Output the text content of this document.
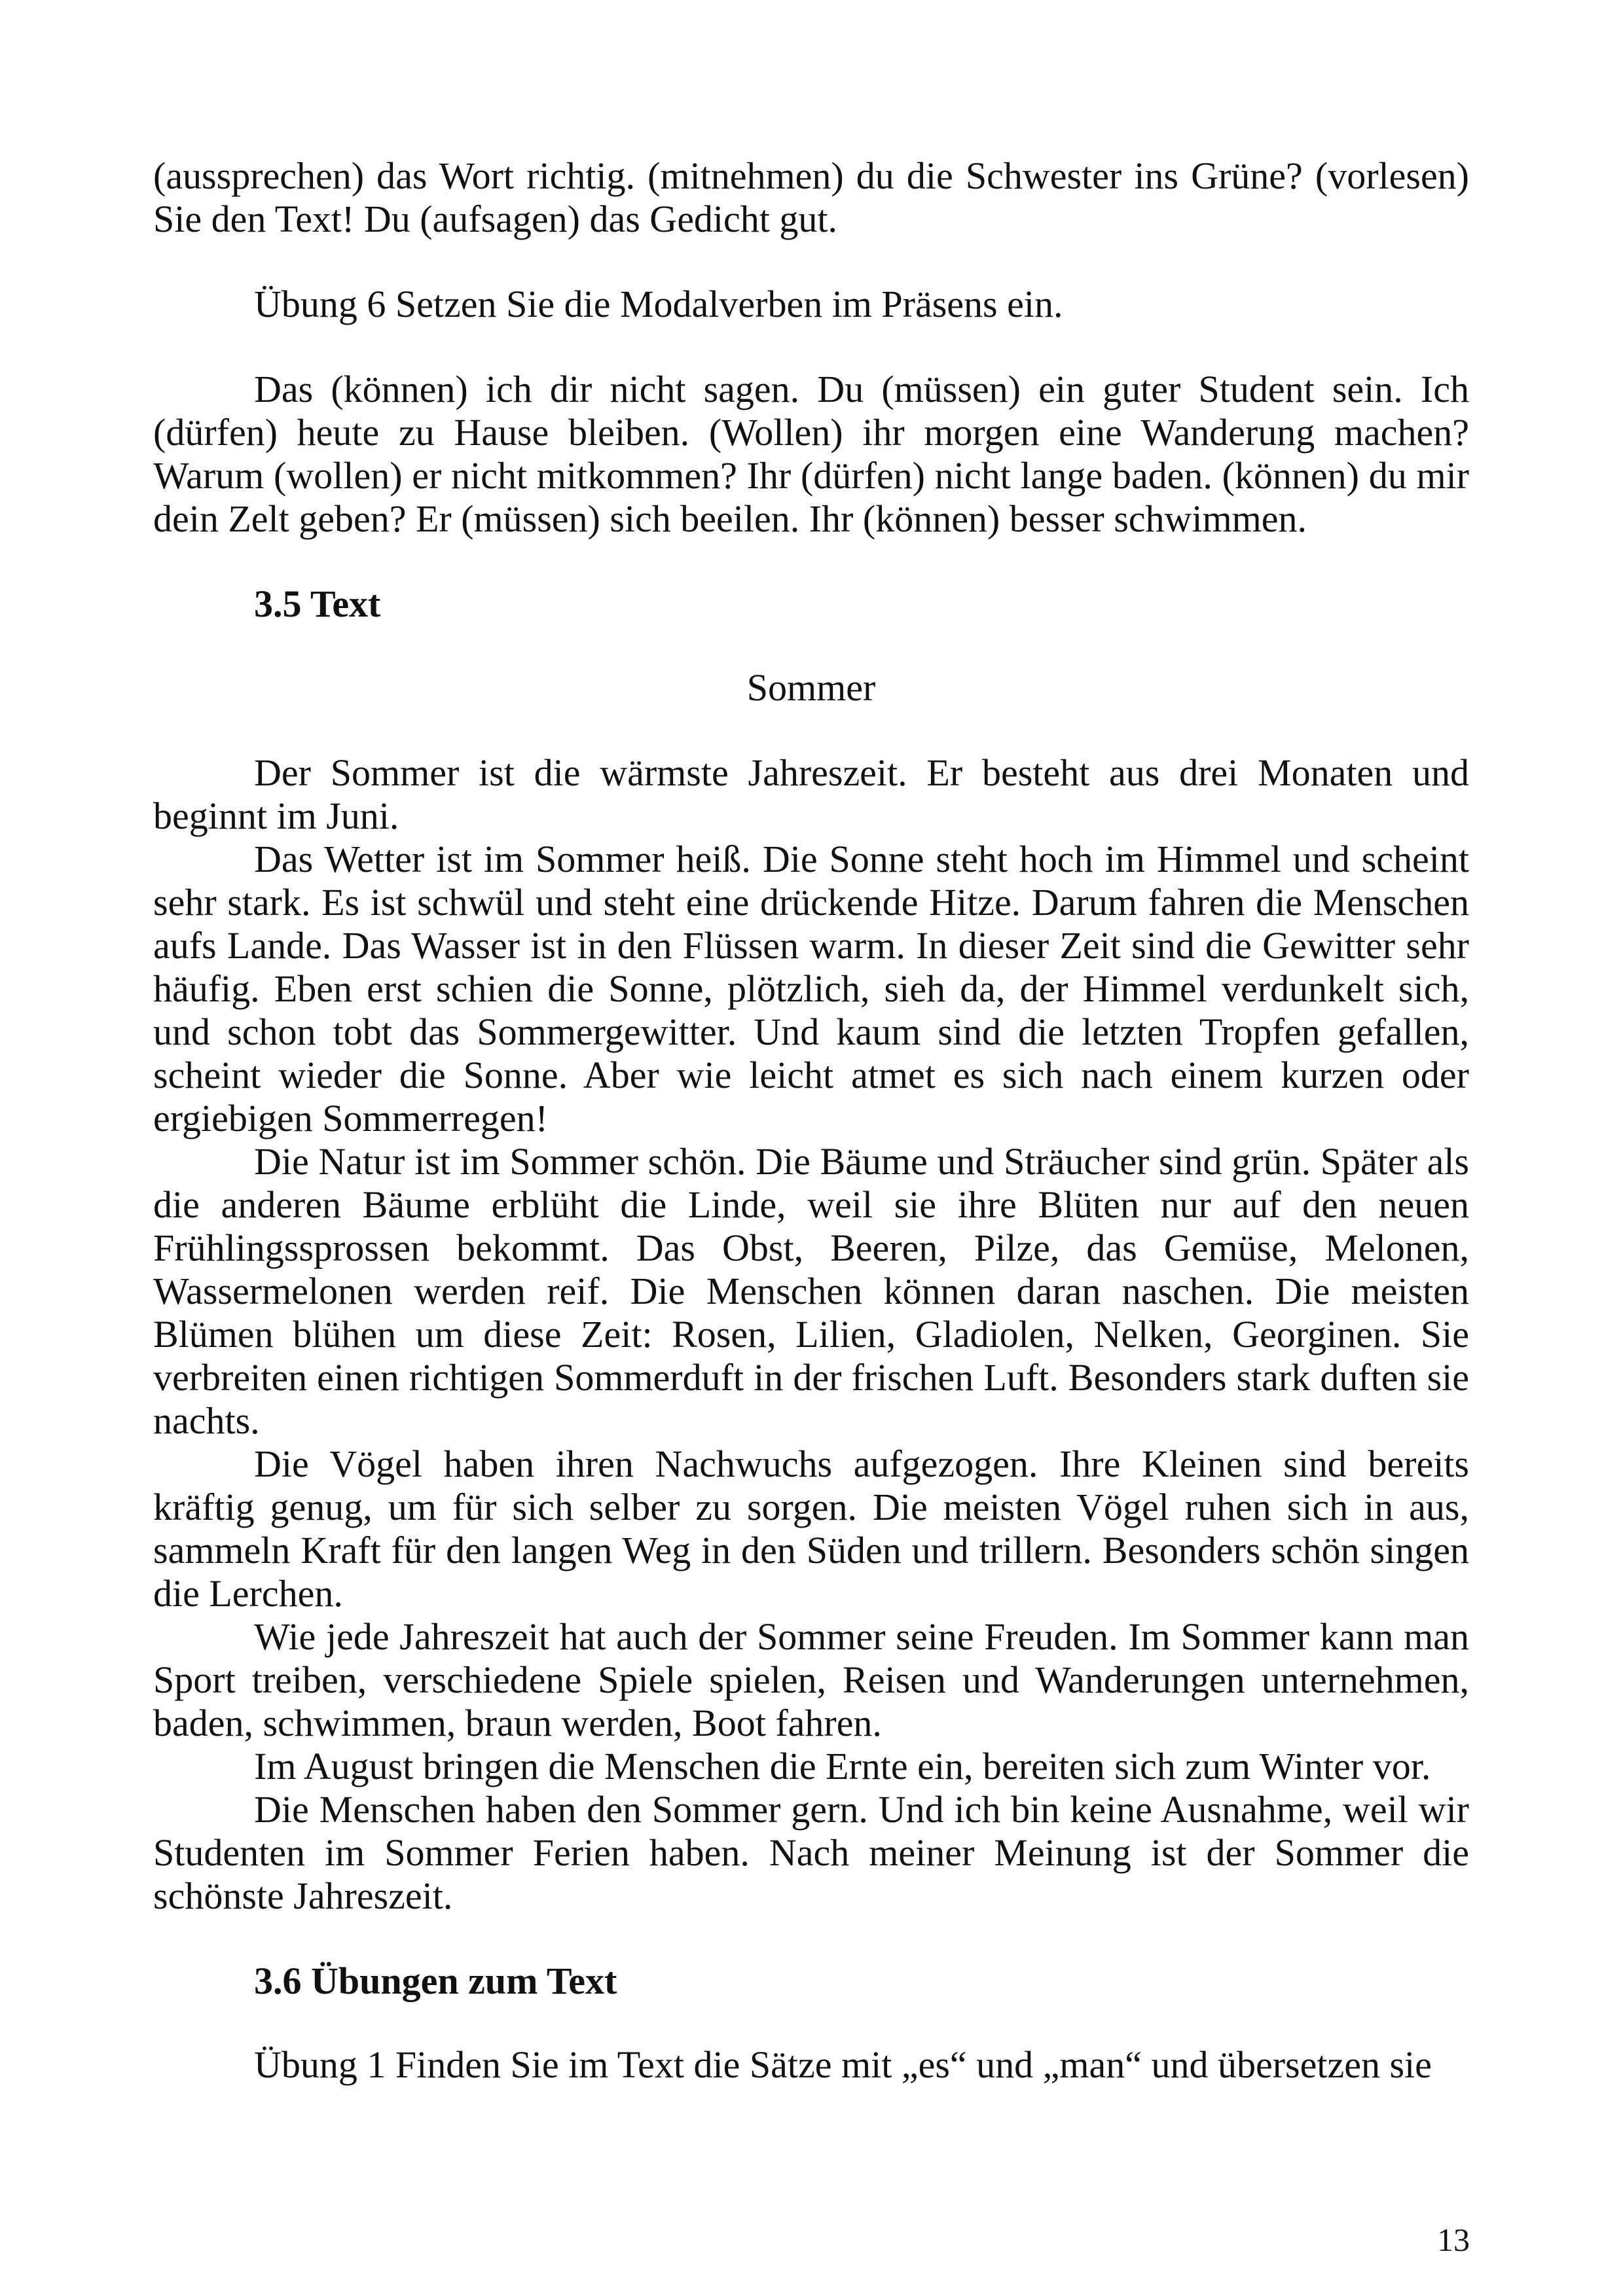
(aussprechen) das Wort richtig. (mitnehmen) du die Schwester ins Grüne? (vorlesen) Sie den Text! Du (aufsagen) das Gedicht gut.

Übung 6 Setzen Sie die Modalverben im Präsens ein.

Das (können) ich dir nicht sagen. Du (müssen) ein guter Student sein. Ich (dürfen) heute zu Hause bleiben. (Wollen) ihr morgen eine Wanderung machen? Warum (wollen) er nicht mitkommen? Ihr (dürfen) nicht lange baden. (können) du mir dein Zelt geben? Er (müssen) sich beeilen. Ihr (können) besser schwimmen.

3.5 Text

Sommer

Der Sommer ist die wärmste Jahreszeit. Er besteht aus drei Monaten und beginnt im Juni.

Das Wetter ist im Sommer heiß. Die Sonne steht hoch im Himmel und scheint sehr stark. Es ist schwül und steht eine drückende Hitze. Darum fahren die Menschen aufs Lande. Das Wasser ist in den Flüssen warm. In dieser Zeit sind die Gewitter sehr häufig. Eben erst schien die Sonne, plötzlich, sieh da, der Himmel verdunkelt sich, und schon tobt das Sommergewitter. Und kaum sind die letzten Tropfen gefallen, scheint wieder die Sonne. Aber wie leicht atmet es sich nach einem kurzen oder ergiebigen Sommerregen!

Die Natur ist im Sommer schön. Die Bäume und Sträucher sind grün. Später als die anderen Bäume erblüht die Linde, weil sie ihre Blüten nur auf den neuen Frühlingssprossen bekommt. Das Obst, Beeren, Pilze, das Gemüse, Melonen, Wassermelonen werden reif. Die Menschen können daran naschen. Die meisten Blümen blühen um diese Zeit: Rosen, Lilien, Gladiolen, Nelken, Georginen. Sie verbreiten einen richtigen Sommerduft in der frischen Luft. Besonders stark duften sie nachts.

Die Vögel haben ihren Nachwuchs aufgezogen. Ihre Kleinen sind bereits kräftig genug, um für sich selber zu sorgen. Die meisten Vögel ruhen sich in aus, sammeln Kraft für den langen Weg in den Süden und trillern. Besonders schön singen die Lerchen.

Wie jede Jahreszeit hat auch der Sommer seine Freuden. Im Sommer kann man Sport treiben, verschiedene Spiele spielen, Reisen und Wanderungen unternehmen, baden, schwimmen, braun werden, Boot fahren.

Im August bringen die Menschen die Ernte ein, bereiten sich zum Winter vor.

Die Menschen haben den Sommer gern. Und ich bin keine Ausnahme, weil wir Studenten im Sommer Ferien haben. Nach meiner Meinung ist der Sommer die schönste Jahreszeit.

3.6 Übungen zum Text

Übung 1 Finden Sie im Text die Sätze mit „es“ und „man“ und übersetzen sie

13
